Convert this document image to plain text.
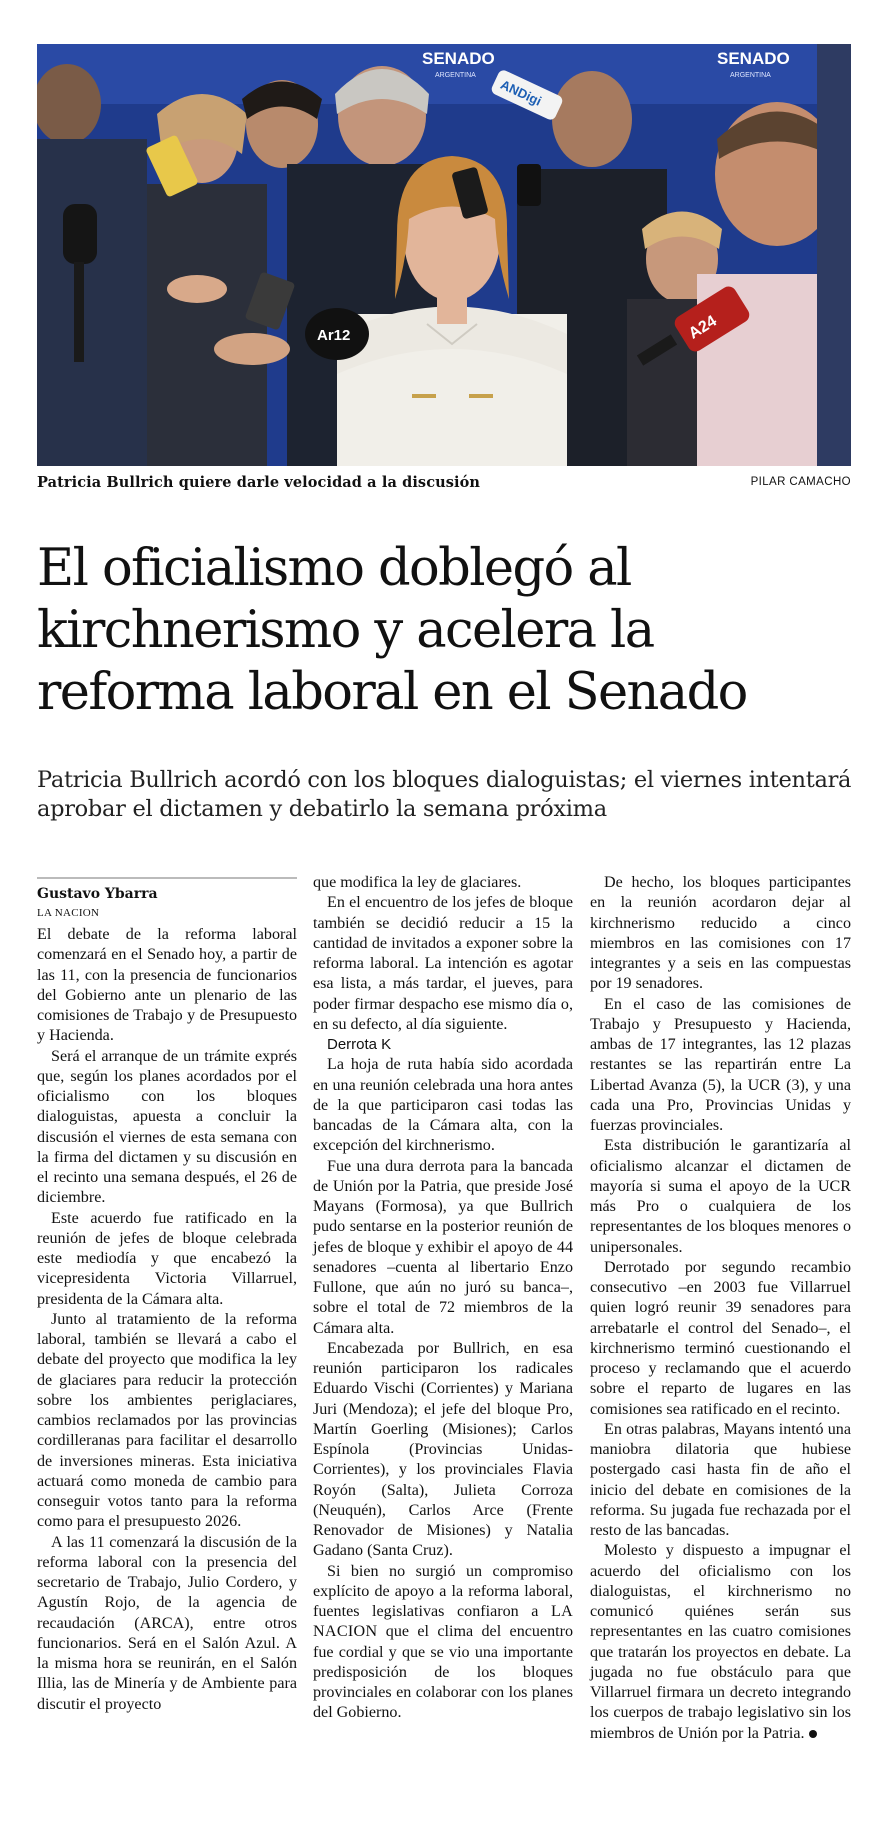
SENADO
ARGENTINA
SENADO
ARGENTINA
ANDigi
Ar12	A24
Patricia Bullrich quiere darle velocidad a la discusión	PILAR CAMACHO
El oficialismo doblegó al kirchnerismo y acelera la reforma laboral en el Senado

Patricia Bullrich acordó con los bloques dialoguistas; el viernes intentará aprobar el dictamen y debatirlo la semana próxima

Gustavo Ybarra
LA NACION

El debate de la reforma laboral comenzará en el Senado hoy, a partir de las 11, con la presencia de funcionarios del Gobierno ante un plenario de las comisiones de Trabajo y de Presupuesto y Hacienda.

Será el arranque de un trámite exprés que, según los planes acordados por el oficialismo con los bloques dialoguistas, apuesta a concluir la discusión el viernes de esta semana con la firma del dictamen y su discusión en el recinto una semana después, el 26 de diciembre.

Este acuerdo fue ratificado en la reunión de jefes de bloque celebrada este mediodía y que encabezó la vicepresidenta Victoria Villarruel, presidenta de la Cámara alta.

Junto al tratamiento de la reforma laboral, también se llevará a cabo el debate del proyecto que modifica la ley de glaciares para reducir la protección sobre los ambientes periglaciares, cambios reclamados por las provincias cordilleranas para facilitar el desarrollo de inversiones mineras. Esta iniciativa actuará como moneda de cambio para conseguir votos tanto para la reforma como para el presupuesto 2026.

A las 11 comenzará la discusión de la reforma laboral con la presencia del secretario de Trabajo, Julio Cordero, y Agustín Rojo, de la agencia de recaudación (ARCA), entre otros funcionarios. Será en el Salón Azul. A la misma hora se reunirán, en el Salón Illia, las de Minería y de Ambiente para discutir el proyecto

que modifica la ley de glaciares.

En el encuentro de los jefes de bloque también se decidió reducir a 15 la cantidad de invitados a exponer sobre la reforma laboral. La intención es agotar esa lista, a más tardar, el jueves, para poder firmar despacho ese mismo día o, en su defecto, al día siguiente.

Derrota K

La hoja de ruta había sido acordada en una reunión celebrada una hora antes de la que participaron casi todas las bancadas de la Cámara alta, con la excepción del kirchnerismo.

Fue una dura derrota para la bancada de Unión por la Patria, que preside José Mayans (Formosa), ya que Bullrich pudo sentarse en la posterior reunión de jefes de bloque y exhibir el apoyo de 44 senadores –cuenta al libertario Enzo Fullone, que aún no juró su banca–, sobre el total de 72 miembros de la Cámara alta.

Encabezada por Bullrich, en esa reunión participaron los radicales Eduardo Vischi (Corrientes) y Mariana Juri (Mendoza); el jefe del bloque Pro, Martín Goerling (Misiones); Carlos Espínola (Provincias Unidas-Corrientes), y los provinciales Flavia Royón (Salta), Julieta Corroza (Neuquén), Carlos Arce (Frente Renovador de Misiones) y Natalia Gadano (Santa Cruz).

Si bien no surgió un compromiso explícito de apoyo a la reforma laboral, fuentes legislativas confiaron a LA NACION que el clima del encuentro fue cordial y que se vio una importante predisposición de los bloques provinciales en colaborar con los planes del Gobierno.

De hecho, los bloques participantes en la reunión acordaron dejar al kirchnerismo reducido a cinco miembros en las comisiones con 17 integrantes y a seis en las compuestas por 19 senadores.

En el caso de las comisiones de Trabajo y Presupuesto y Hacienda, ambas de 17 integrantes, las 12 plazas restantes se las repartirán entre La Libertad Avanza (5), la UCR (3), y una cada una Pro, Provincias Unidas y fuerzas provinciales.

Esta distribución le garantizaría al oficialismo alcanzar el dictamen de mayoría si suma el apoyo de la UCR más Pro o cualquiera de los representantes de los bloques menores o unipersonales.

Derrotado por segundo recambio consecutivo –en 2003 fue Villarruel quien logró reunir 39 senadores para arrebatarle el control del Senado–, el kirchnerismo terminó cuestionando el proceso y reclamando que el acuerdo sobre el reparto de lugares en las comisiones sea ratificado en el recinto.

En otras palabras, Mayans intentó una maniobra dilatoria que hubiese postergado casi hasta fin de año el inicio del debate en comisiones de la reforma. Su jugada fue rechazada por el resto de las bancadas.

Molesto y dispuesto a impugnar el acuerdo del oficialismo con los dialoguistas, el kirchnerismo no comunicó quiénes serán sus representantes en las cuatro comisiones que tratarán los proyectos en debate. La jugada no fue obstáculo para que Villarruel firmara un decreto integrando los cuerpos de trabajo legislativo sin los miembros de Unión por la Patria.
